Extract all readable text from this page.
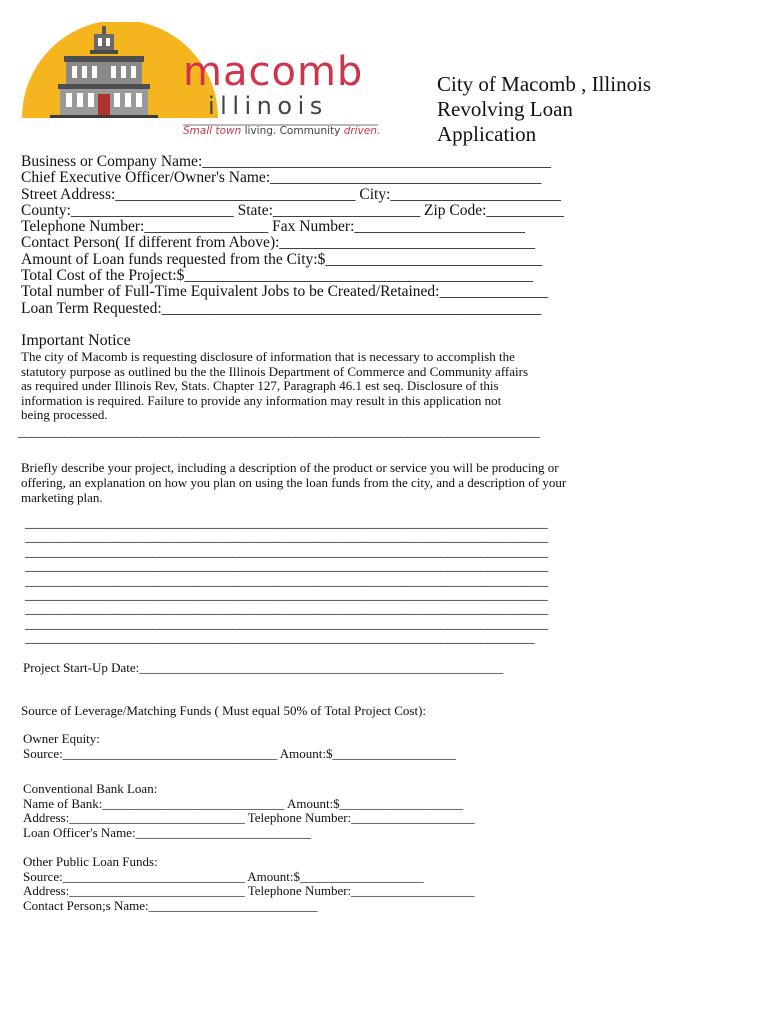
macomb
illinois
Small town living. Community driven.
City of Macomb , Illinois
Revolving Loan
Application
Business or Company Name:_____________________________________________
Chief Executive Officer/Owner's Name:___________________________________
Street Address:_______________________________ City:______________________
County:_____________________ State:___________________ Zip Code:__________
Telephone Number:________________ Fax Number:______________________
Contact Person( If different from Above):_________________________________
Amount of Loan funds requested from the City:$____________________________
Total Cost of the Project:$_____________________________________________
Total number of Full-Time Equivalent Jobs to be Created/Retained:______________
Loan Term Requested:_________________________________________________
Important Notice
The city of Macomb is requesting disclosure of information that is necessary to accomplish the
statutory purpose as outlined bu the the Illinois Department of Commerce and Community affairs
as required under Illinois Rev, Stats. Chapter 127, Paragraph 46.1 est seq. Disclosure of this
information is required. Failure to provide any information may result in this application not
being processed.
_______________________________________________________________________________
Briefly describe your project, including a description of the product or service you will be producing or
offering, an explanation on how you plan on using the loan funds from the city, and a description of your
marketing plan.
______________________________________________________________________________
______________________________________________________________________________
______________________________________________________________________________
______________________________________________________________________________
______________________________________________________________________________
______________________________________________________________________________
______________________________________________________________________________
______________________________________________________________________________
____________________________________________________________________________
Project Start-Up Date:________________________________________________________
Source of Leverage/Matching Funds ( Must equal 50% of Total Project Cost):
Owner Equity:
Source:_________________________________ Amount:$___________________
Conventional Bank Loan:
Name of Bank:____________________________ Amount:$___________________
Address:___________________________ Telephone Number:___________________
Loan Officer's Name:___________________________
Other Public Loan Funds:
Source:____________________________ Amount:$___________________
Address:___________________________ Telephone Number:___________________
Contact Person;s Name:__________________________
